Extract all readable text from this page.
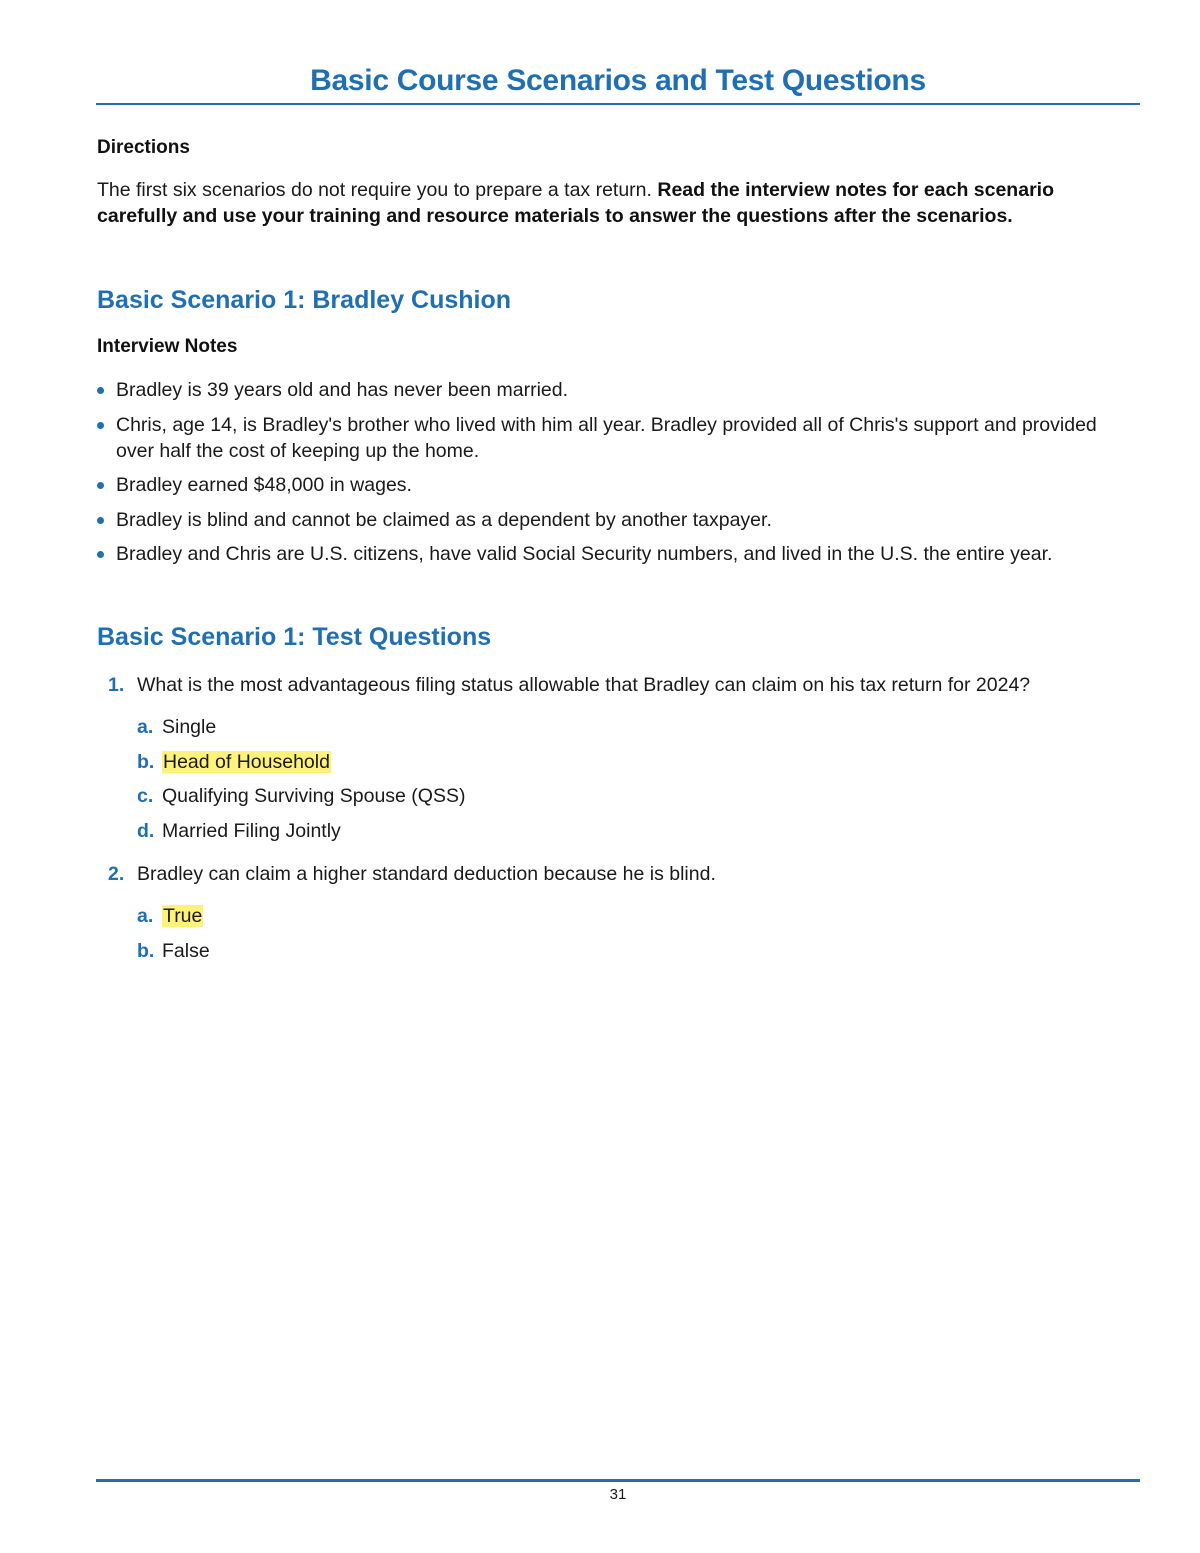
Basic Course Scenarios and Test Questions
Directions
The first six scenarios do not require you to prepare a tax return. Read the interview notes for each scenario carefully and use your training and resource materials to answer the questions after the scenarios.
Basic Scenario 1: Bradley Cushion
Interview Notes
Bradley is 39 years old and has never been married.
Chris, age 14, is Bradley's brother who lived with him all year. Bradley provided all of Chris's support and provided over half the cost of keeping up the home.
Bradley earned $48,000 in wages.
Bradley is blind and cannot be claimed as a dependent by another taxpayer.
Bradley and Chris are U.S. citizens, have valid Social Security numbers, and lived in the U.S. the entire year.
Basic Scenario 1: Test Questions
1. What is the most advantageous filing status allowable that Bradley can claim on his tax return for 2024?
a. Single
b. Head of Household
c. Qualifying Surviving Spouse (QSS)
d. Married Filing Jointly
2. Bradley can claim a higher standard deduction because he is blind.
a. True
b. False
31
